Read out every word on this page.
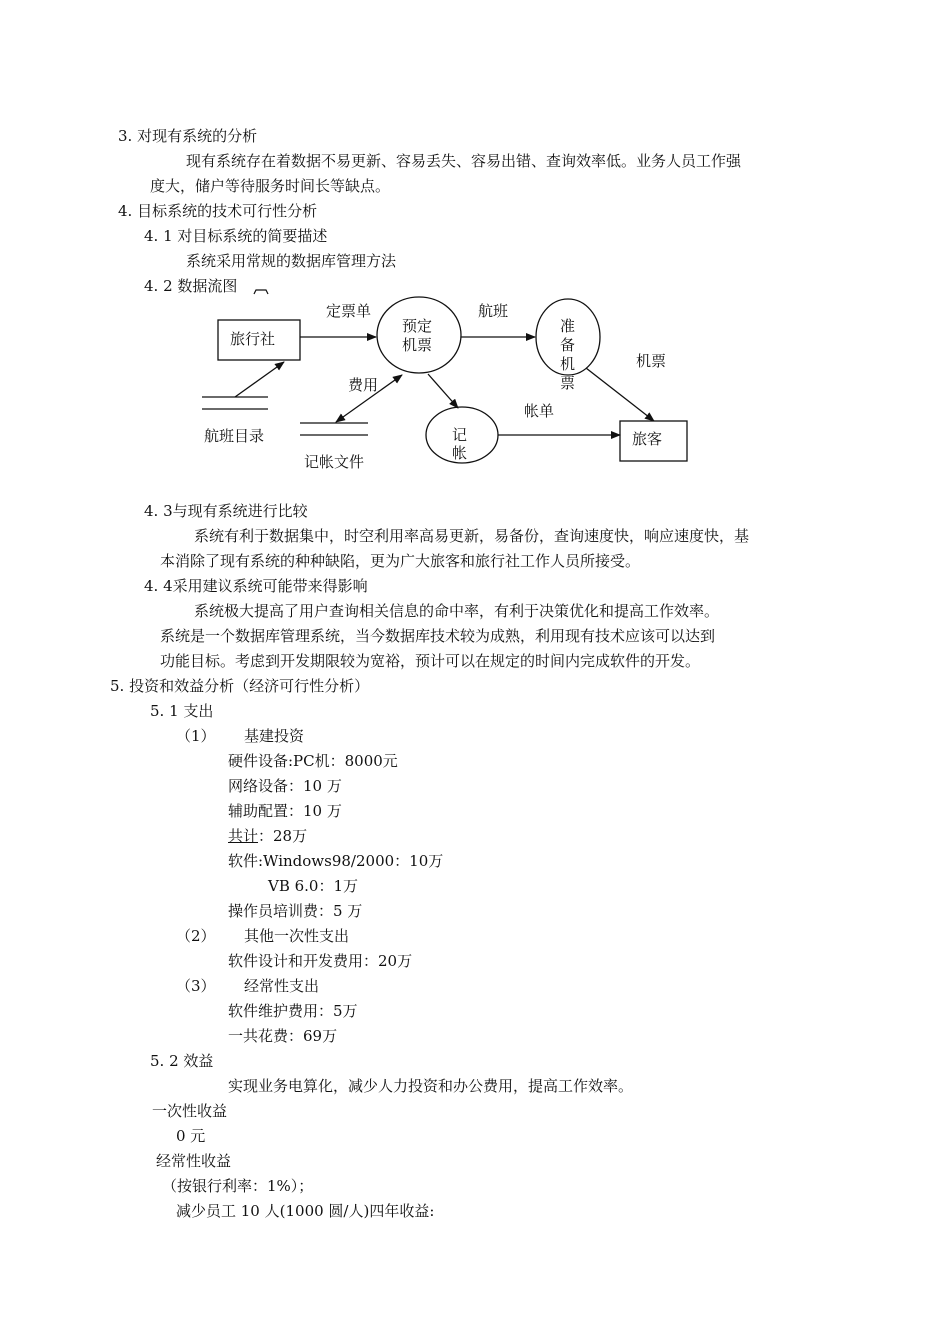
3. 对现有系统的分析
现有系统存在着数据不易更新、容易丢失、容易出错、查询效率低。业务人员工作强
度大，储户等待服务时间长等缺点。
4. 目标系统的技术可行性分析
4. 1 对目标系统的简要描述
系统采用常规的数据库管理方法
4. 2 数据流图
旅行社
预定
机票
准
备
机
票
记
帐
旅客
航班目录
记帐文件
定票单	航班
费用
机票
帐单
4. 3与现有系统进行比较
系统有利于数据集中，时空利用率高易更新，易备份，查询速度快，响应速度快，基
本消除了现有系统的种种缺陷，更为广大旅客和旅行社工作人员所接受。
4. 4采用建议系统可能带来得影响
系统极大提高了用户查询相关信息的命中率，有利于决策优化和提高工作效率。
系统是一个数据库管理系统，当今数据库技术较为成熟，利用现有技术应该可以达到
功能目标。考虑到开发期限较为宽裕，预计可以在规定的时间内完成软件的开发。
5. 投资和效益分析（经济可行性分析）
5. 1 支出
（1） 基建投资
硬件设备:PC机：8000元
网络设备：10 万
辅助配置：10 万
共计：28万
软件:Windows98/2000：10万
VB 6.0：1万
操作员培训费：5 万
（2） 其他一次性支出
软件设计和开发费用：20万
（3） 经常性支出
软件维护费用：5万
一共花费：69万
5. 2 效益
实现业务电算化，减少人力投资和办公费用，提高工作效率。
一次性收益
0 元
经常性收益
（按银行利率：1%）；
减少员工 10 人(1000 圆/人)四年收益:
